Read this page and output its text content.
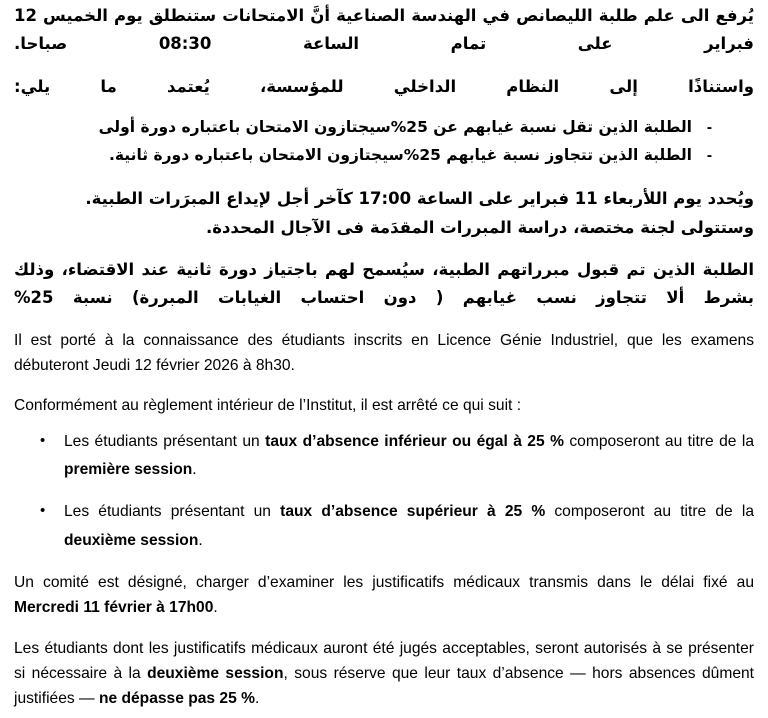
يُرفع الى علم طلبة الليصانص في الهندسة الصناعية أنَّ الامتحانات ستنطلق يوم الخميس 12 فبراير على تمام الساعة 08:30 صباحا.

واستناذًا إلى النظام الداخلي للمؤسسة، يُعتمد ما يلي:

-
الطلبة الذين تقل نسبة غيابهم عن 25%سيجتازون الامتحان باعتباره دورة أولى
-
الطلبة الذين تتجاوز نسبة غيابهم 25%سيجتازون الامتحان باعتباره دورة ثانية.

ويُحدد يوم اللأربعاء 11 فبراير على الساعة 17:00 كآخر أجل لإيداع المبرَرات الطبية.

وستتولى لجنة مختصة، دراسة المبررات المقدَمة فى الآجال المحددة.

الطلبة الذين تم قبول مبرراتهم الطبية، سيُسمح لهم باجتياز دورة ثانية عند الاقتضاء، وذلك بشرط ألا تتجاوز نسب غيابهم ( دون احتساب الغيابات المبررة) نسبة 25%

Il est porté à la connaissance des étudiants inscrits en Licence Génie Industriel, que les examens débuteront Jeudi 12 février 2026 à 8h30.

Conformément au règlement intérieur de l’Institut, il est arrêté ce qui suit :

• Les étudiants présentant un taux d’absence inférieur ou égal à 25 % composeront au titre de la première session.
• Les étudiants présentant un taux d’absence supérieur à 25 % composeront au titre de la deuxième session.

Un comité est désigné, charger d’examiner les justificatifs médicaux transmis dans le délai fixé au Mercredi 11 février à 17h00.

Les étudiants dont les justificatifs médicaux auront été jugés acceptables, seront autorisés à se présenter si nécessaire à la deuxième session, sous réserve que leur taux d’absence — hors absences dûment justifiées — ne dépasse pas 25 %.
